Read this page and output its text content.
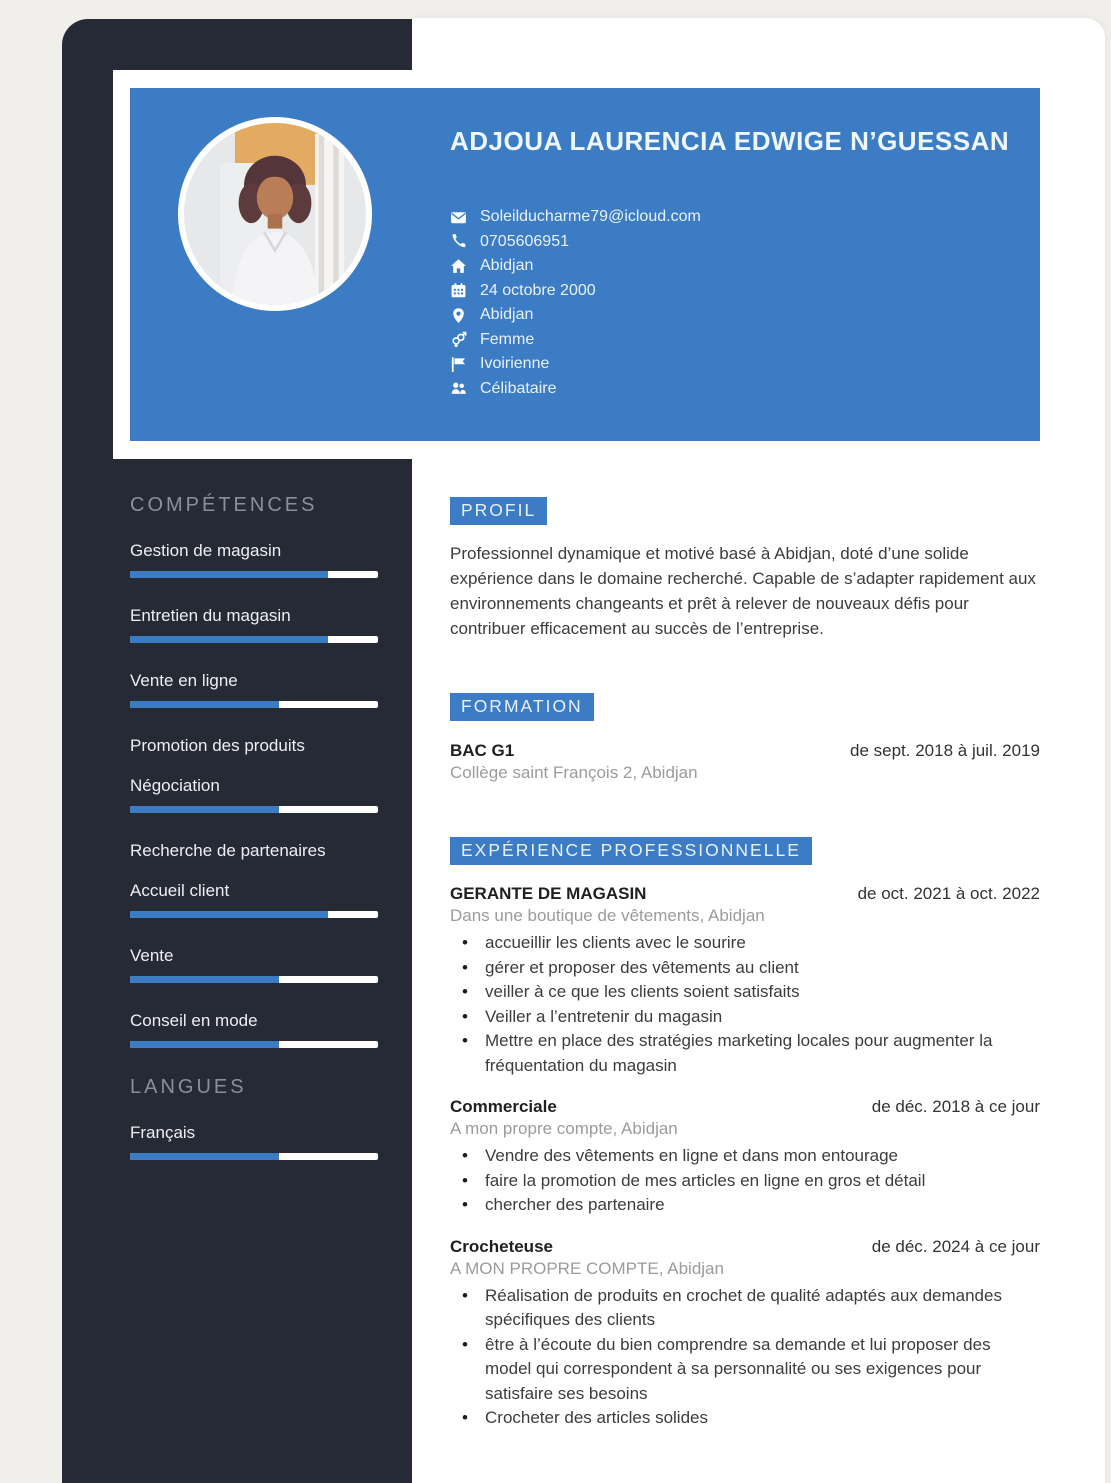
ADJOUA LAURENCIA EDWIGE N’GUESSAN
Soleilducharme79@icloud.com
0705606951
Abidjan
24 octobre 2000
Abidjan
Femme
Ivoirienne
Célibataire
COMPÉTENCES
Gestion de magasin
Entretien du magasin
Vente en ligne
Promotion des produits
Négociation
Recherche de partenaires
Accueil client
Vente
Conseil en mode
LANGUES
Français
PROFIL

Professionnel dynamique et motivé basé à Abidjan, doté d’une solide expérience dans le domaine recherché. Capable de s’adapter rapidement aux environnements changeants et prêt à relever de nouveaux défis pour contribuer efficacement au succès de l’entreprise.

FORMATION
BAC G1	de sept. 2018 à juil. 2019
Collège saint François 2, Abidjan

EXPÉRIENCE PROFESSIONNELLE
GERANTE DE MAGASIN	de oct. 2021 à oct. 2022
Dans une boutique de vêtements, Abidjan
• accueillir les clients avec le sourire
• gérer et proposer des vêtements au client
• veiller à ce que les clients soient satisfaits
• Veiller a l’entretenir du magasin
• Mettre en place des stratégies marketing locales pour augmenter la fréquentation du magasin
Commerciale	de déc. 2018 à ce jour
A mon propre compte, Abidjan
• Vendre des vêtements en ligne et dans mon entourage
• faire la promotion de mes articles en ligne en gros et détail
• chercher des partenaire
Crocheteuse	de déc. 2024 à ce jour
A MON PROPRE COMPTE, Abidjan
• Réalisation de produits en crochet de qualité adaptés aux demandes spécifiques des clients
• être à l’écoute du bien comprendre sa demande et lui proposer des model qui correspondent à sa personnalité ou ses exigences pour satisfaire ses besoins
• Crocheter des articles solides
